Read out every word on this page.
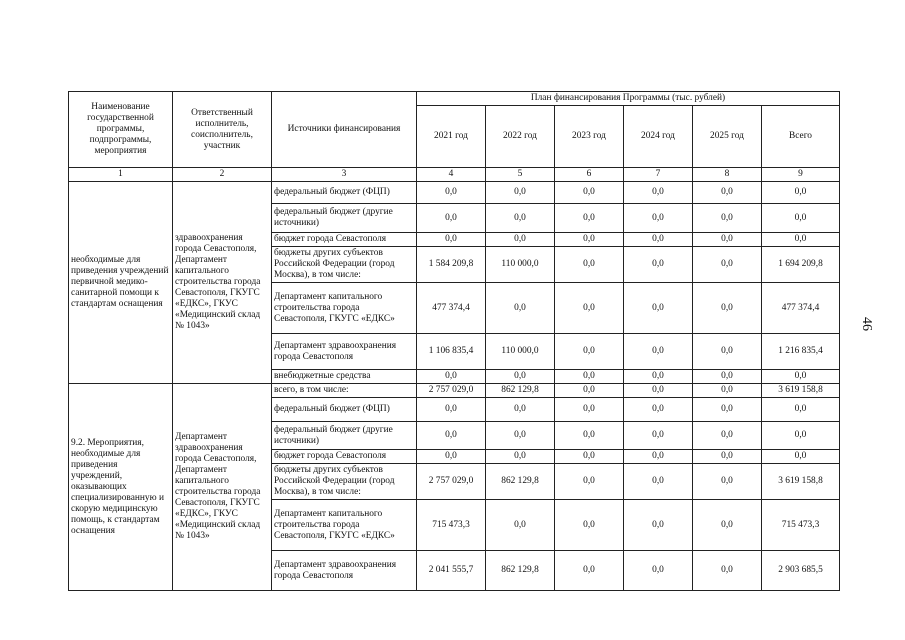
46
Наименование государственной программы, подпрограммы, мероприятия	Ответственный исполнитель, соисполнитель, участник	Источники финансирования	План финансирования Программы (тыс. рублей)					
			2021 год	2022 год	2023 год	2024 год	2025 год	Всего
1	2	3	4	5	6	7	8	9
необходимые для приведения учреждений первичной медико-санитарной помощи к стандартам оснащения	здравоохранения города Севастополя, Департамент капитального строительства города Севастополя, ГКУГС «ЕДКС», ГКУС «Медицинский склад № 1043»	федеральный бюджет (ФЦП)	0,0	0,0	0,0	0,0	0,0	0,0
		федеральный бюджет (другие источники)	0,0	0,0	0,0	0,0	0,0	0,0
		бюджет города Севастополя	0,0	0,0	0,0	0,0	0,0	0,0
		бюджеты других субъектов Российской Федерации (город Москва), в том числе:	1 584 209,8	110 000,0	0,0	0,0	0,0	1 694 209,8
		Департамент капитального строительства города Севастополя, ГКУГС «ЕДКС»	477 374,4	0,0	0,0	0,0	0,0	477 374,4
		Департамент здравоохранения города Севастополя	1 106 835,4	110 000,0	0,0	0,0	0,0	1 216 835,4
		внебюджетные средства	0,0	0,0	0,0	0,0	0,0	0,0
9.2. Мероприятия, необходимые для приведения учреждений, оказывающих специализированную и скорую медицинскую помощь, к стандартам оснащения	Департамент здравоохранения города Севастополя, Департамент капитального строительства города Севастополя, ГКУГС «ЕДКС», ГКУС «Медицинский склад № 1043»	всего, в том числе:	2 757 029,0	862 129,8	0,0	0,0	0,0	3 619 158,8
		федеральный бюджет (ФЦП)	0,0	0,0	0,0	0,0	0,0	0,0
		федеральный бюджет (другие источники)	0,0	0,0	0,0	0,0	0,0	0,0
		бюджет города Севастополя	0,0	0,0	0,0	0,0	0,0	0,0
		бюджеты других субъектов Российской Федерации (город Москва), в том числе:	2 757 029,0	862 129,8	0,0	0,0	0,0	3 619 158,8
		Департамент капитального строительства города Севастополя, ГКУГС «ЕДКС»	715 473,3	0,0	0,0	0,0	0,0	715 473,3
		Департамент здравоохранения города Севастополя	2 041 555,7	862 129,8	0,0	0,0	0,0	2 903 685,5
